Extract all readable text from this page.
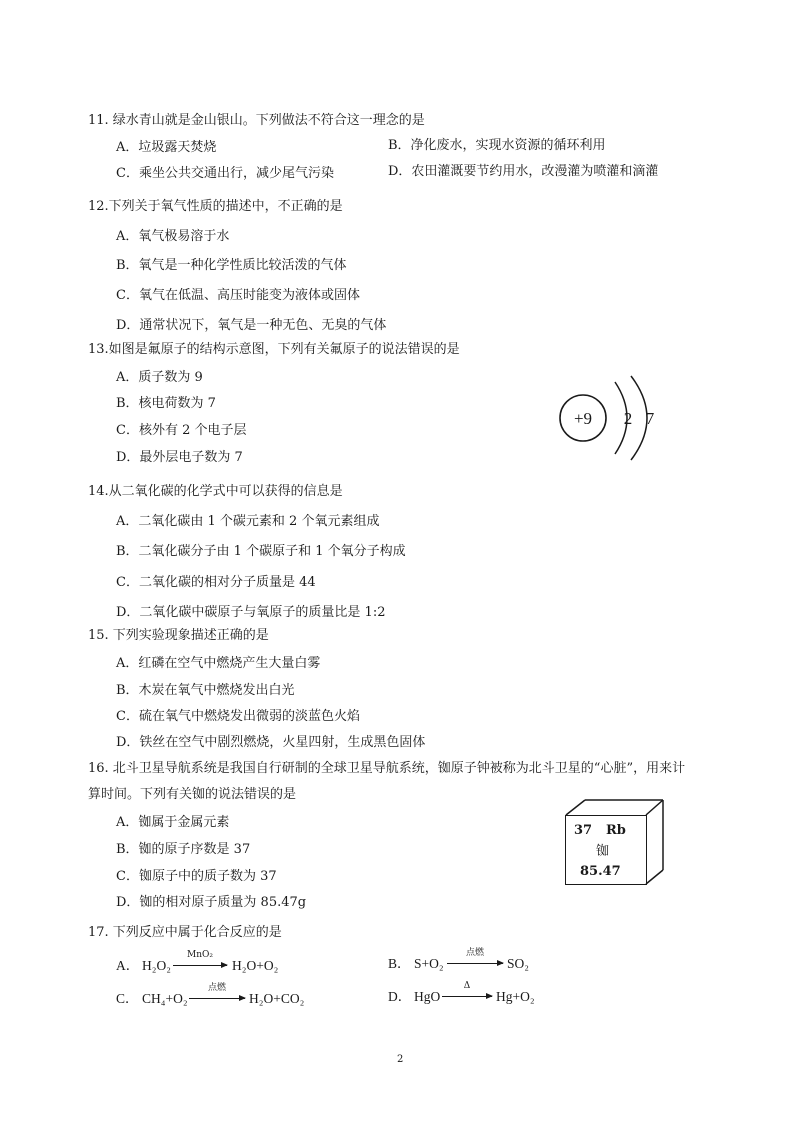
11. 绿水青山就是金山银山。下列做法不符合这一理念的是
A．垃圾露天焚烧	B．净化废水，实现水资源的循环利用
C．乘坐公共交通出行，减少尾气污染	D．农田灌溉要节约用水，改漫灌为喷灌和滴灌
12.下列关于氧气性质的描述中，不正确的是
A．氧气极易溶于水
B．氧气是一种化学性质比较活泼的气体
C．氧气在低温、高压时能变为液体或固体
D．通常状况下，氧气是一种无色、无臭的气体
13.如图是氟原子的结构示意图，下列有关氟原子的说法错误的是
A．质子数为 9
B．核电荷数为 7
C．核外有 2 个电子层
D．最外层电子数为 7
+9 2 7
14.从二氧化碳的化学式中可以获得的信息是
A．二氧化碳由 1 个碳元素和 2 个氧元素组成
B．二氧化碳分子由 1 个碳原子和 1 个氧分子构成
C．二氧化碳的相对分子质量是 44
D．二氧化碳中碳原子与氧原子的质量比是 1:2
15. 下列实验现象描述正确的是
A．红磷在空气中燃烧产生大量白雾
B．木炭在氧气中燃烧发出白光
C．硫在氧气中燃烧发出微弱的淡蓝色火焰
D．铁丝在空气中剧烈燃烧，火星四射，生成黑色固体
16. 北斗卫星导航系统是我国自行研制的全球卫星导航系统，铷原子钟被称为北斗卫星的“心脏”，用来计
算时间。下列有关铷的说法错误的是
A．铷属于金属元素
B．铷的原子序数是 37
C．铷原子中的质子数为 37
D．铷的相对原子质量为 85.47g
37 Rb
铷
85.47
17. 下列反应中属于化合反应的是
A． H₂O₂
MnO₂
H₂O+O₂	B． S+O₂
点燃
SO₂
C． CH₄+O₂
点燃
H₂O+CO₂	D． HgO
Δ
Hg+O₂
2
